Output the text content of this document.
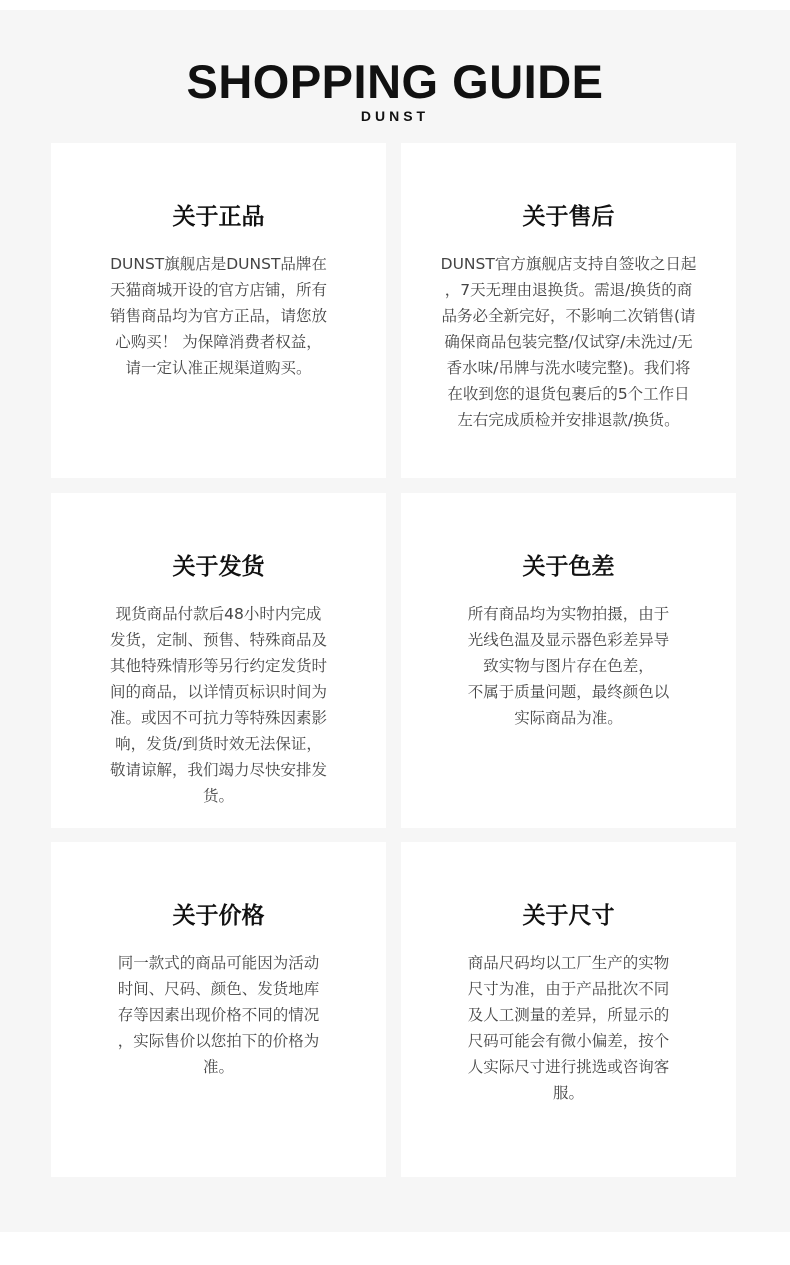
SHOPPING GUIDE
DUNST
关于正品
DUNST旗舰店是DUNST品牌在
天猫商城开设的官方店铺，所有
销售商品均为官方正品，请您放
心购买！ 为保障消费者权益，
请一定认准正规渠道购买。
关于售后
DUNST官方旗舰店支持自签收之日起
，7天无理由退换货。需退/换货的商
品务必全新完好，不影响二次销售(请
确保商品包装完整/仅试穿/未洗过/无
香水味/吊牌与洗水唛完整)。我们将
在收到您的退货包裹后的5个工作日
左右完成质检并安排退款/换货。
关于发货
现货商品付款后48小时内完成
发货，定制、预售、特殊商品及
其他特殊情形等另行约定发货时
间的商品，以详情页标识时间为
准。或因不可抗力等特殊因素影
响，发货/到货时效无法保证，
敬请谅解，我们竭力尽快安排发
货。
关于色差
所有商品均为实物拍摄，由于
光线色温及显示器色彩差异导
致实物与图片存在色差，
不属于质量问题，最终颜色以
实际商品为准。
关于价格
同一款式的商品可能因为活动
时间、尺码、颜色、发货地库
存等因素出现价格不同的情况
，实际售价以您拍下的价格为
准。
关于尺寸
商品尺码均以工厂生产的实物
尺寸为准，由于产品批次不同
及人工测量的差异，所显示的
尺码可能会有微小偏差，按个
人实际尺寸进行挑选或咨询客
服。
